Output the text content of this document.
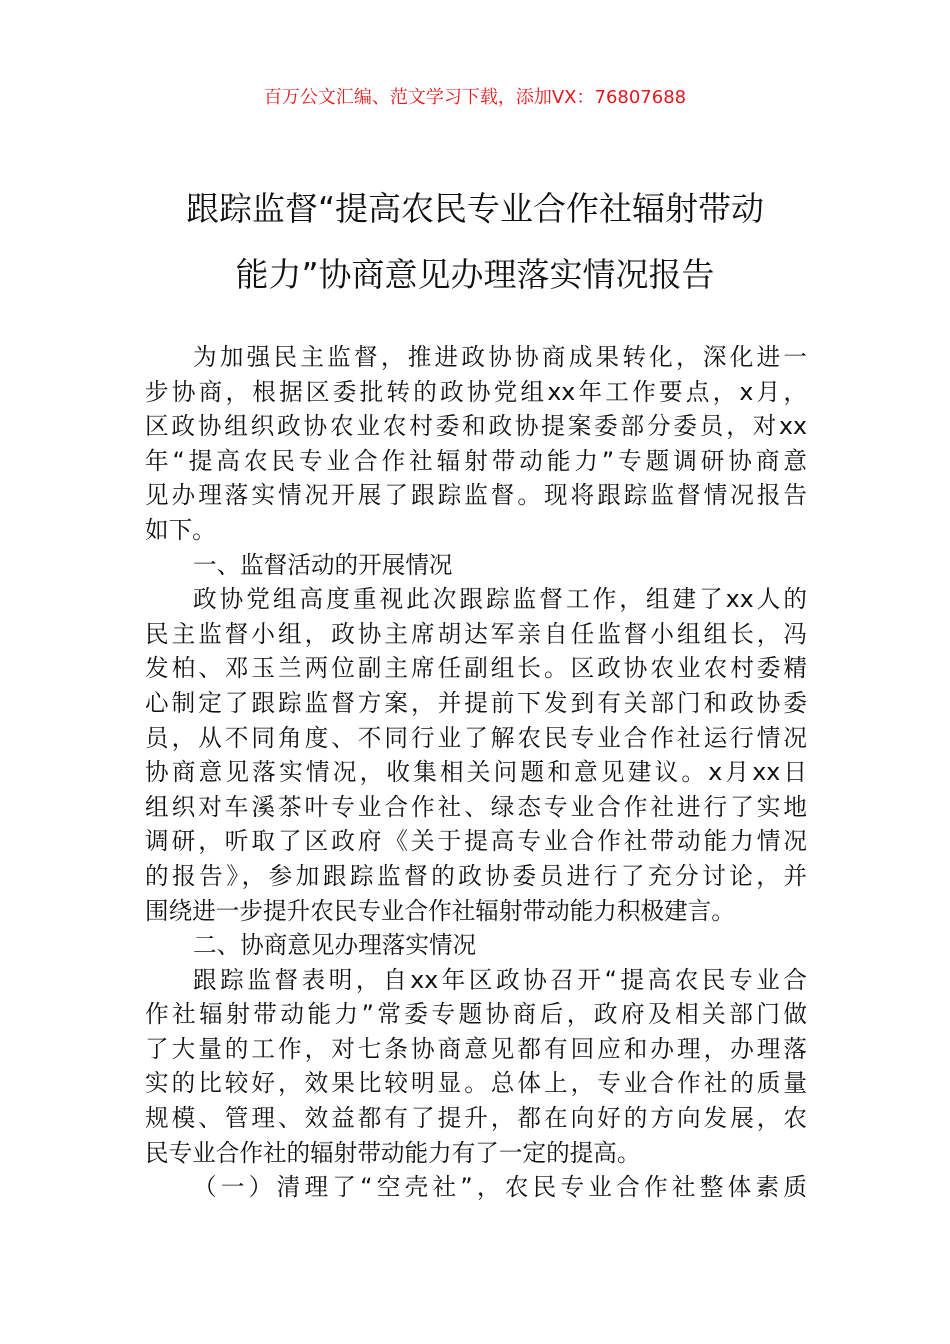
百万公文汇编、范文学习下载，添加VX：76807688
跟踪监督“提高农民专业合作社辐射带动
能力”协商意见办理落实情况报告
为加强民主监督，推进政协协商成果转化，深化进一
步协商，根据区委批转的政协党组xx年工作要点，x月，
区政协组织政协农业农村委和政协提案委部分委员，对xx
年“提高农民专业合作社辐射带动能力”专题调研协商意
见办理落实情况开展了跟踪监督。现将跟踪监督情况报告
如下。
一、监督活动的开展情况
政协党组高度重视此次跟踪监督工作，组建了xx人的
民主监督小组，政协主席胡达军亲自任监督小组组长，冯
发柏、邓玉兰两位副主席任副组长。区政协农业农村委精
心制定了跟踪监督方案，并提前下发到有关部门和政协委
员，从不同角度、不同行业了解农民专业合作社运行情况
协商意见落实情况，收集相关问题和意见建议。x月xx日
组织对车溪茶叶专业合作社、绿态专业合作社进行了实地
调研，听取了区政府《关于提高专业合作社带动能力情况
的报告》，参加跟踪监督的政协委员进行了充分讨论，并
围绕进一步提升农民专业合作社辐射带动能力积极建言。
二、协商意见办理落实情况
跟踪监督表明，自xx年区政协召开“提高农民专业合
作社辐射带动能力”常委专题协商后，政府及相关部门做
了大量的工作，对七条协商意见都有回应和办理，办理落
实的比较好，效果比较明显。总体上，专业合作社的质量
规模、管理、效益都有了提升，都在向好的方向发展，农
民专业合作社的辐射带动能力有了一定的提高。
（一）清理了“空壳社”，农民专业合作社整体素质
